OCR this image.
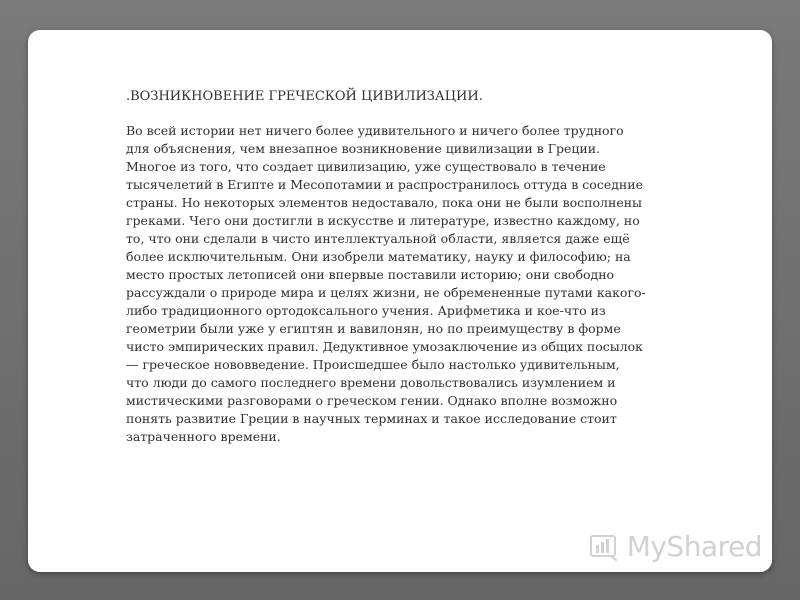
.ВОЗНИКНОВЕНИЕ ГРЕЧЕСКОЙ ЦИВИЛИЗАЦИИ.

Во всей истории нет ничего более удивительного и ничего более трудного для объяснения, чем внезапное возникновение цивилизации в Греции. Многое из того, что создает цивилизацию, уже существовало в течение тысячелетий в Египте и Месопотамии и распространилось оттуда в соседние страны. Но некоторых элементов недоставало, пока они не были восполнены греками. Чего они достигли в искусстве и литературе, известно каждому, но то, что они сделали в чисто интеллектуальной области, является даже ещё более исключительным. Они изобрели математику, науку и философию; на место простых летописей они впервые поставили историю; они свободно рассуждали о природе мира и целях жизни, не обремененные путами какого-либо традиционного ортодоксального учения. Арифметика и кое-что из геометрии были уже у египтян и вавилонян, но по преимуществу в форме чисто эмпирических правил. Дедуктивное умозаключение из общих посылок — греческое нововведение. Происшедшее было настолько удивительным, что люди до самого последнего времени довольствовались изумлением и мистическими разговорами о греческом гении. Однако вполне возможно понять развитие Греции в научных терминах и такое исследование стоит затраченного времени.

MyShared
